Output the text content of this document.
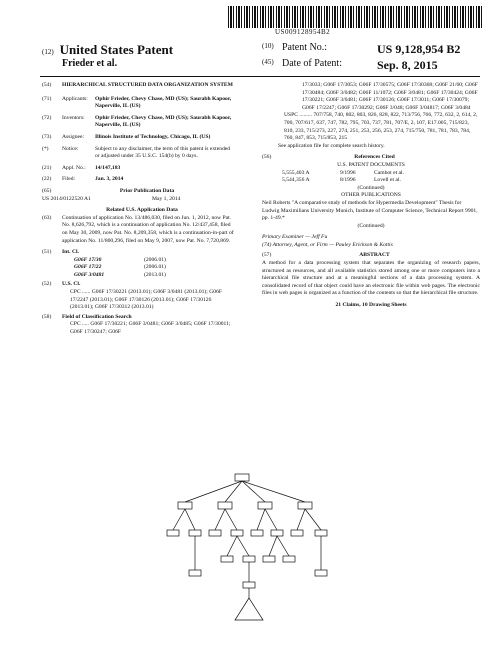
US009128954B2
(12) United States Patent
Frieder et al.
(10) Patent No.:	US 9,128,954 B2
(45) Date of Patent:	Sep. 8, 2015
(54) HIERARCHICAL STRUCTURED DATA ORGANIZATION SYSTEM
(71) Applicants: Ophir Frieder, Chevy Chase, MD (US); Saurabh Kapoor, Naperville, IL (US)
(72) Inventors: Ophir Frieder, Chevy Chase, MD (US); Saurabh Kapoor, Naperville, IL (US)
(73) Assignee: Illinois Institute of Technology, Chicago, IL (US)
(*) Notice:	Subject to any disclaimer, the term of this patent is extended or adjusted under 35 U.S.C. 154(b) by 0 days.
(21) Appl. No.: 14/147,183
(22) Filed:	Jan. 3, 2014
(65)	Prior Publication Data
US 2014/0122520 A1	May 1, 2014
Related U.S. Application Data
(63) Continuation of application No. 13/486,030, filed on Jun. 1, 2012, now Pat. No. 8,626,792, which is a continuation of application No. 12/437,458, filed on May 30, 2009, now Pat. No. 8,209,358, which is a continuation-in-part of application No. 11/800,296, filed on May 9, 2007, now Pat. No. 7,720,869.
(51) Int. Cl.
G06F 17/30	(2006.01)
G06F 17/22	(2006.01)
G06F 3/0481	(2013.01)
(52) U.S. Cl.
CPC ...... G06F 17/30221 (2013.01); G06F 3/0481 (2013.01); G06F 17/2247 (2013.01); G06F 17/30126 (2013.01); G06F 17/30126 (2013.01); G06F 17/30312 (2013.01)
(58) Field of Classification Search
CPC ..... G06F 17/30221; G06F 3/0481; G06F 3/0485; G06F 17/30011; G06F 17/30247; G06F
17/3033; G06F 17/3053; G06F 17/30575; G06F 17/30368; G06F 21/60; G06F 17/30484; G06F 3/0482; G06F 11/1072; G06F 3/0481; G06F 17/30424; G06F 17/30221; G06F 3/0481; G06F 17/30126; G06F 17/3011; G06F 17/30079; G06F 17/2247; G06F 17/30292; G06F 3/048; G06F 3/04817; G06F 3/0484
USPC ......... 707/758, 740, 802, 803, 826, 828, 822, 713/756, 766, 772, 632, 2, 614, 2, 700, 707/617, 637, 747, 782, 795, 703, 737, 781, 707/E, 2, 107, E17.005, 715/823, 810, 233, 715/273, 227, 274, 251, 253, 256, 253, 274, 715/750, 781, 781, 783, 784, 760, 847, 853, 715/853, 215
See application file for complete search history.
(56)	References Cited
U.S. PATENT DOCUMENTS
5,555,403 A	9/1996	Cambot et al.
5,544,356 A	8/1996	Lovell et al.
(Continued)
OTHER PUBLICATIONS
Neil Roberts "A comparative study of methods for Hypermedia Development" Thesis for Ludwig Maximilians University Munich, Institute of Computer Science, Technical Report 9901, pp. 1-49.*
(Continued)
Primary Examiner — Jeff Fu
(74) Attorney, Agent, or Firm — Pauley Erickson & Kottis
(57)	ABSTRACT
A method for a data processing system that separates the organizing of research papers, structured as resources, and all available statistics stored among one or more computers into a hierarchical file structure and at a meaningful sections of a data processing system. A consolidated record of that object could have an electronic file within web pages. The electronic files in web pages is organized as a function of the contents so that the hierarchical file structure.
21 Claims, 10 Drawing Sheets
